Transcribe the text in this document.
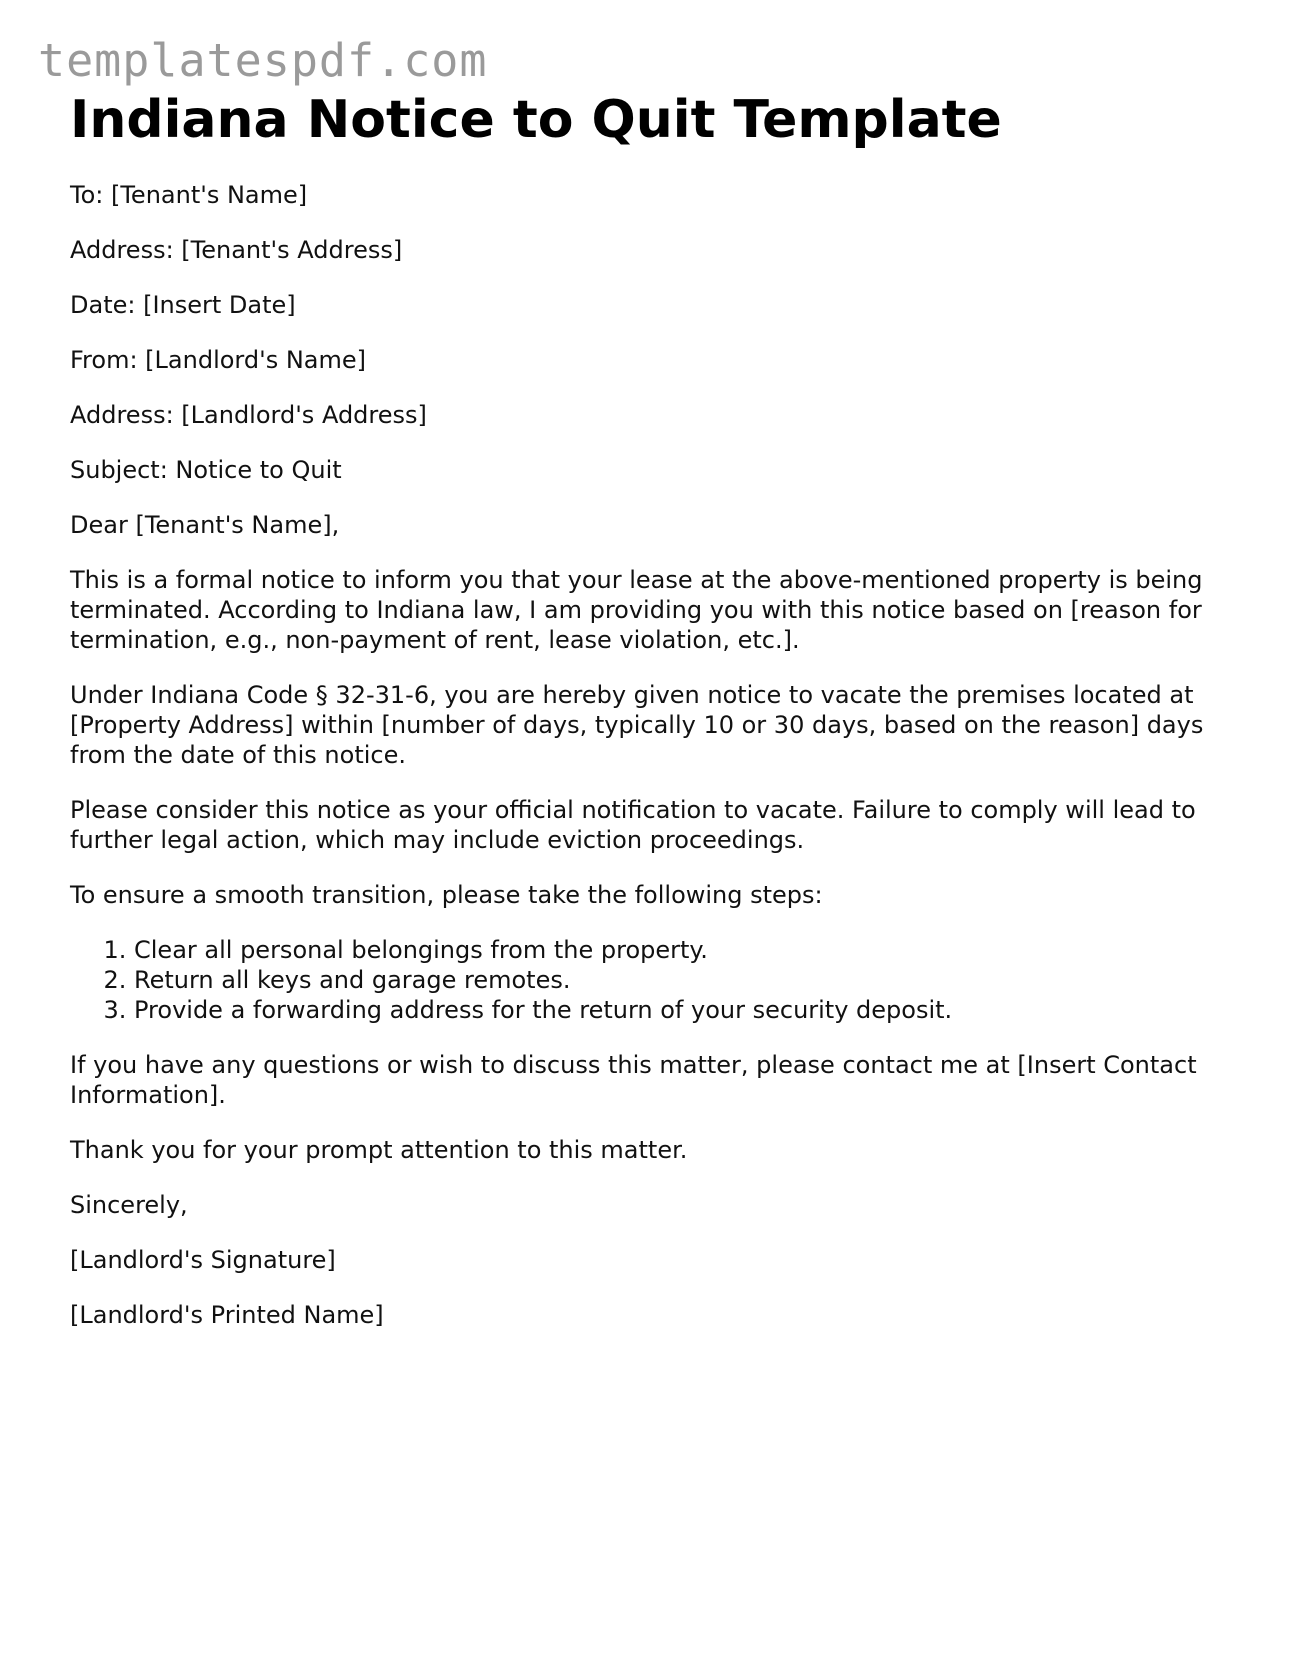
templatespdf.com
Indiana Notice to Quit Template

To: [Tenant's Name]

Address: [Tenant's Address]

Date: [Insert Date]

From: [Landlord's Name]

Address: [Landlord's Address]

Subject: Notice to Quit

Dear [Tenant's Name],

This is a formal notice to inform you that your lease at the above-mentioned property is being terminated. According to Indiana law, I am providing you with this notice based on [reason for termination, e.g., non-payment of rent, lease violation, etc.].

Under Indiana Code § 32-31-6, you are hereby given notice to vacate the premises located at [Property Address] within [number of days, typically 10 or 30 days, based on the reason] days from the date of this notice.

Please consider this notice as your official notification to vacate. Failure to comply will lead to further legal action, which may include eviction proceedings.

To ensure a smooth transition, please take the following steps:

1. Clear all personal belongings from the property.
2. Return all keys and garage remotes.
3. Provide a forwarding address for the return of your security deposit.

If you have any questions or wish to discuss this matter, please contact me at [Insert Contact Information].

Thank you for your prompt attention to this matter.

Sincerely,

[Landlord's Signature]

[Landlord's Printed Name]
